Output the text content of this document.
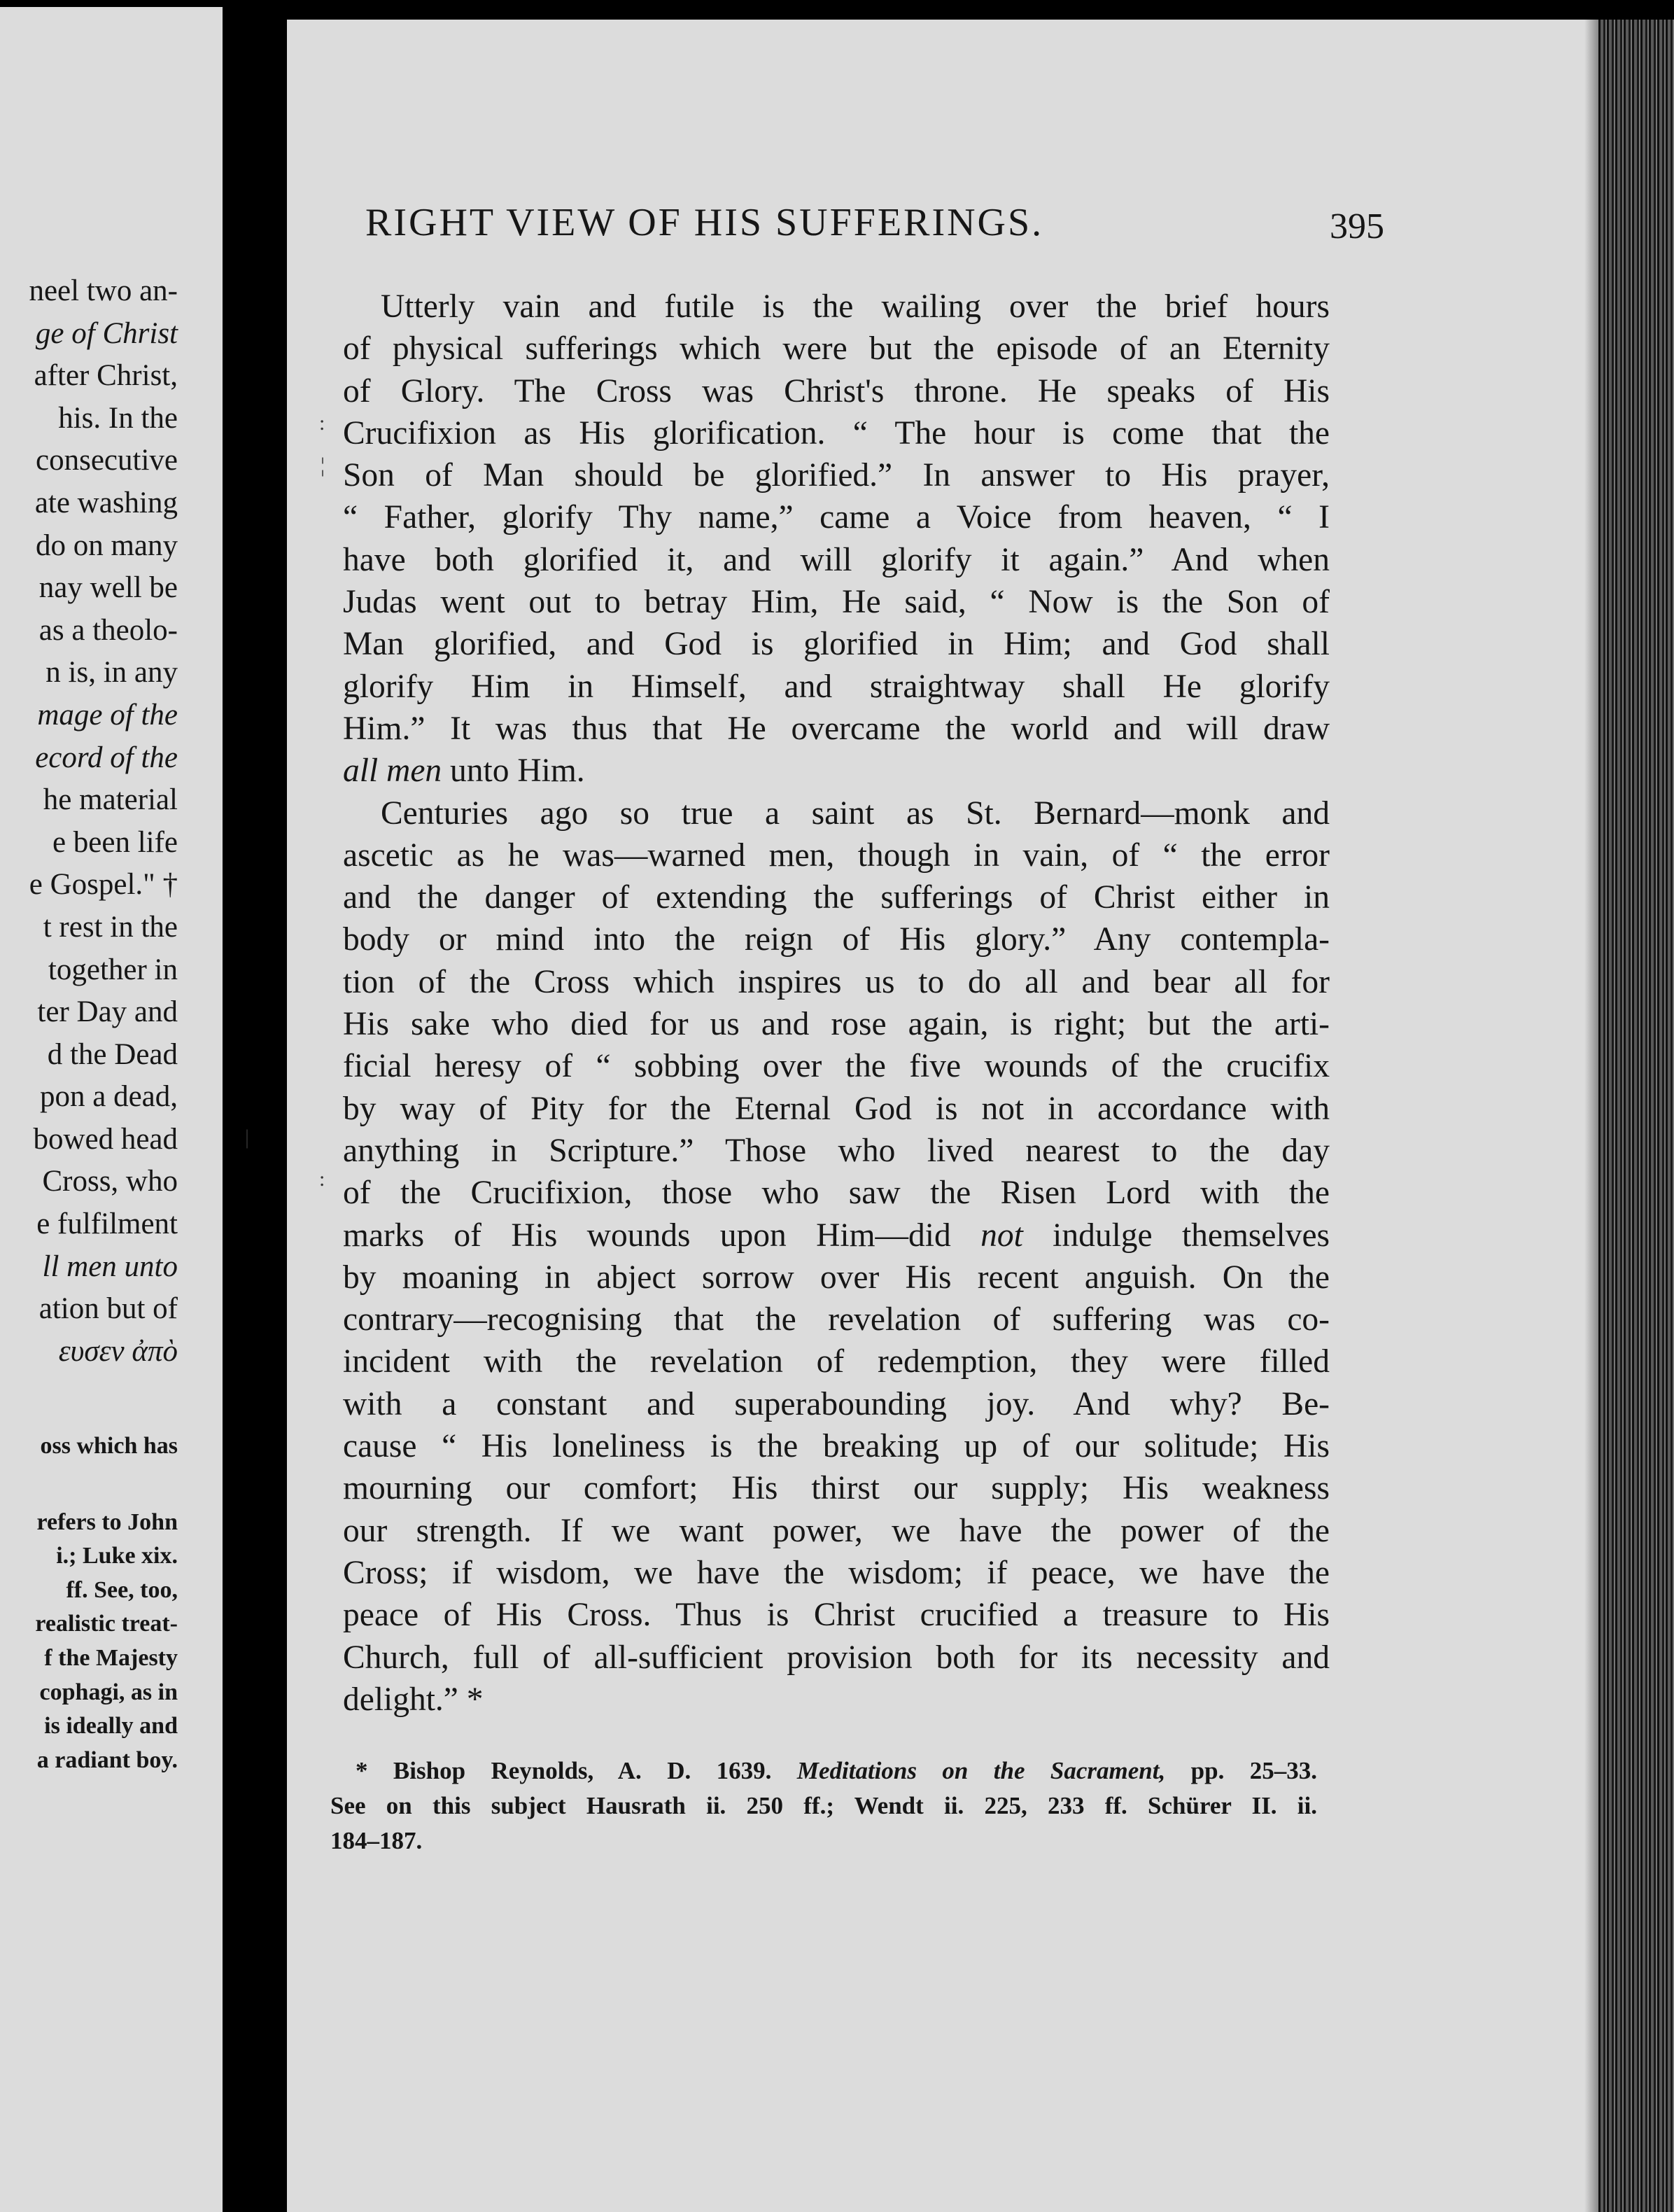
neel two an-
ge of Christ
after Christ,
his. In the
consecutive
ate washing
do on many
nay well be
as a theolo-
n is, in any
mage of the
ecord of the
he material
e been life
e Gospel." †
t rest in the
together in
ter Day and
d the Dead
pon a dead,
bowed head
Cross, who
e fulfilment
ll men unto
ation but of
ευσεν ἀπὸ
oss which has
refers to John
i.; Luke xix.
ff. See, too,
realistic treat-
f the Majesty
cophagi, as in
is ideally and
a radiant boy.
:
¦
|
:
RIGHT VIEW OF HIS SUFFERINGS.	395
Utterly vain and futile is the wailing over the brief hours
of physical sufferings which were but the episode of an Eternity
of Glory. The Cross was Christ's throne. He speaks of His
Crucifixion as His glorification. “ The hour is come that the
Son of Man should be glorified.” In answer to His prayer,
“ Father, glorify Thy name,” came a Voice from heaven, “ I
have both glorified it, and will glorify it again.” And when
Judas went out to betray Him, He said, “ Now is the Son of
Man glorified, and God is glorified in Him; and God shall
glorify Him in Himself, and straightway shall He glorify
Him.” It was thus that He overcame the world and will draw
all men unto Him.
Centuries ago so true a saint as St. Bernard—monk and
ascetic as he was—warned men, though in vain, of “ the error
and the danger of extending the sufferings of Christ either in
body or mind into the reign of His glory.” Any contempla-
tion of the Cross which inspires us to do all and bear all for
His sake who died for us and rose again, is right; but the arti-
ficial heresy of “ sobbing over the five wounds of the crucifix
by way of Pity for the Eternal God is not in accordance with
anything in Scripture.” Those who lived nearest to the day
of the Crucifixion, those who saw the Risen Lord with the
marks of His wounds upon Him—did not indulge themselves
by moaning in abject sorrow over His recent anguish. On the
contrary—recognising that the revelation of suffering was co-
incident with the revelation of redemption, they were filled
with a constant and superabounding joy. And why? Be-
cause “ His loneliness is the breaking up of our solitude; His
mourning our comfort; His thirst our supply; His weakness
our strength. If we want power, we have the power of the
Cross; if wisdom, we have the wisdom; if peace, we have the
peace of His Cross. Thus is Christ crucified a treasure to His
Church, full of all-sufficient provision both for its necessity and
delight.” *
* Bishop Reynolds, A. D. 1639. Meditations on the Sacrament, pp. 25–33.
See on this subject Hausrath ii. 250 ff.; Wendt ii. 225, 233 ff. Schürer II. ii.
184–187.
